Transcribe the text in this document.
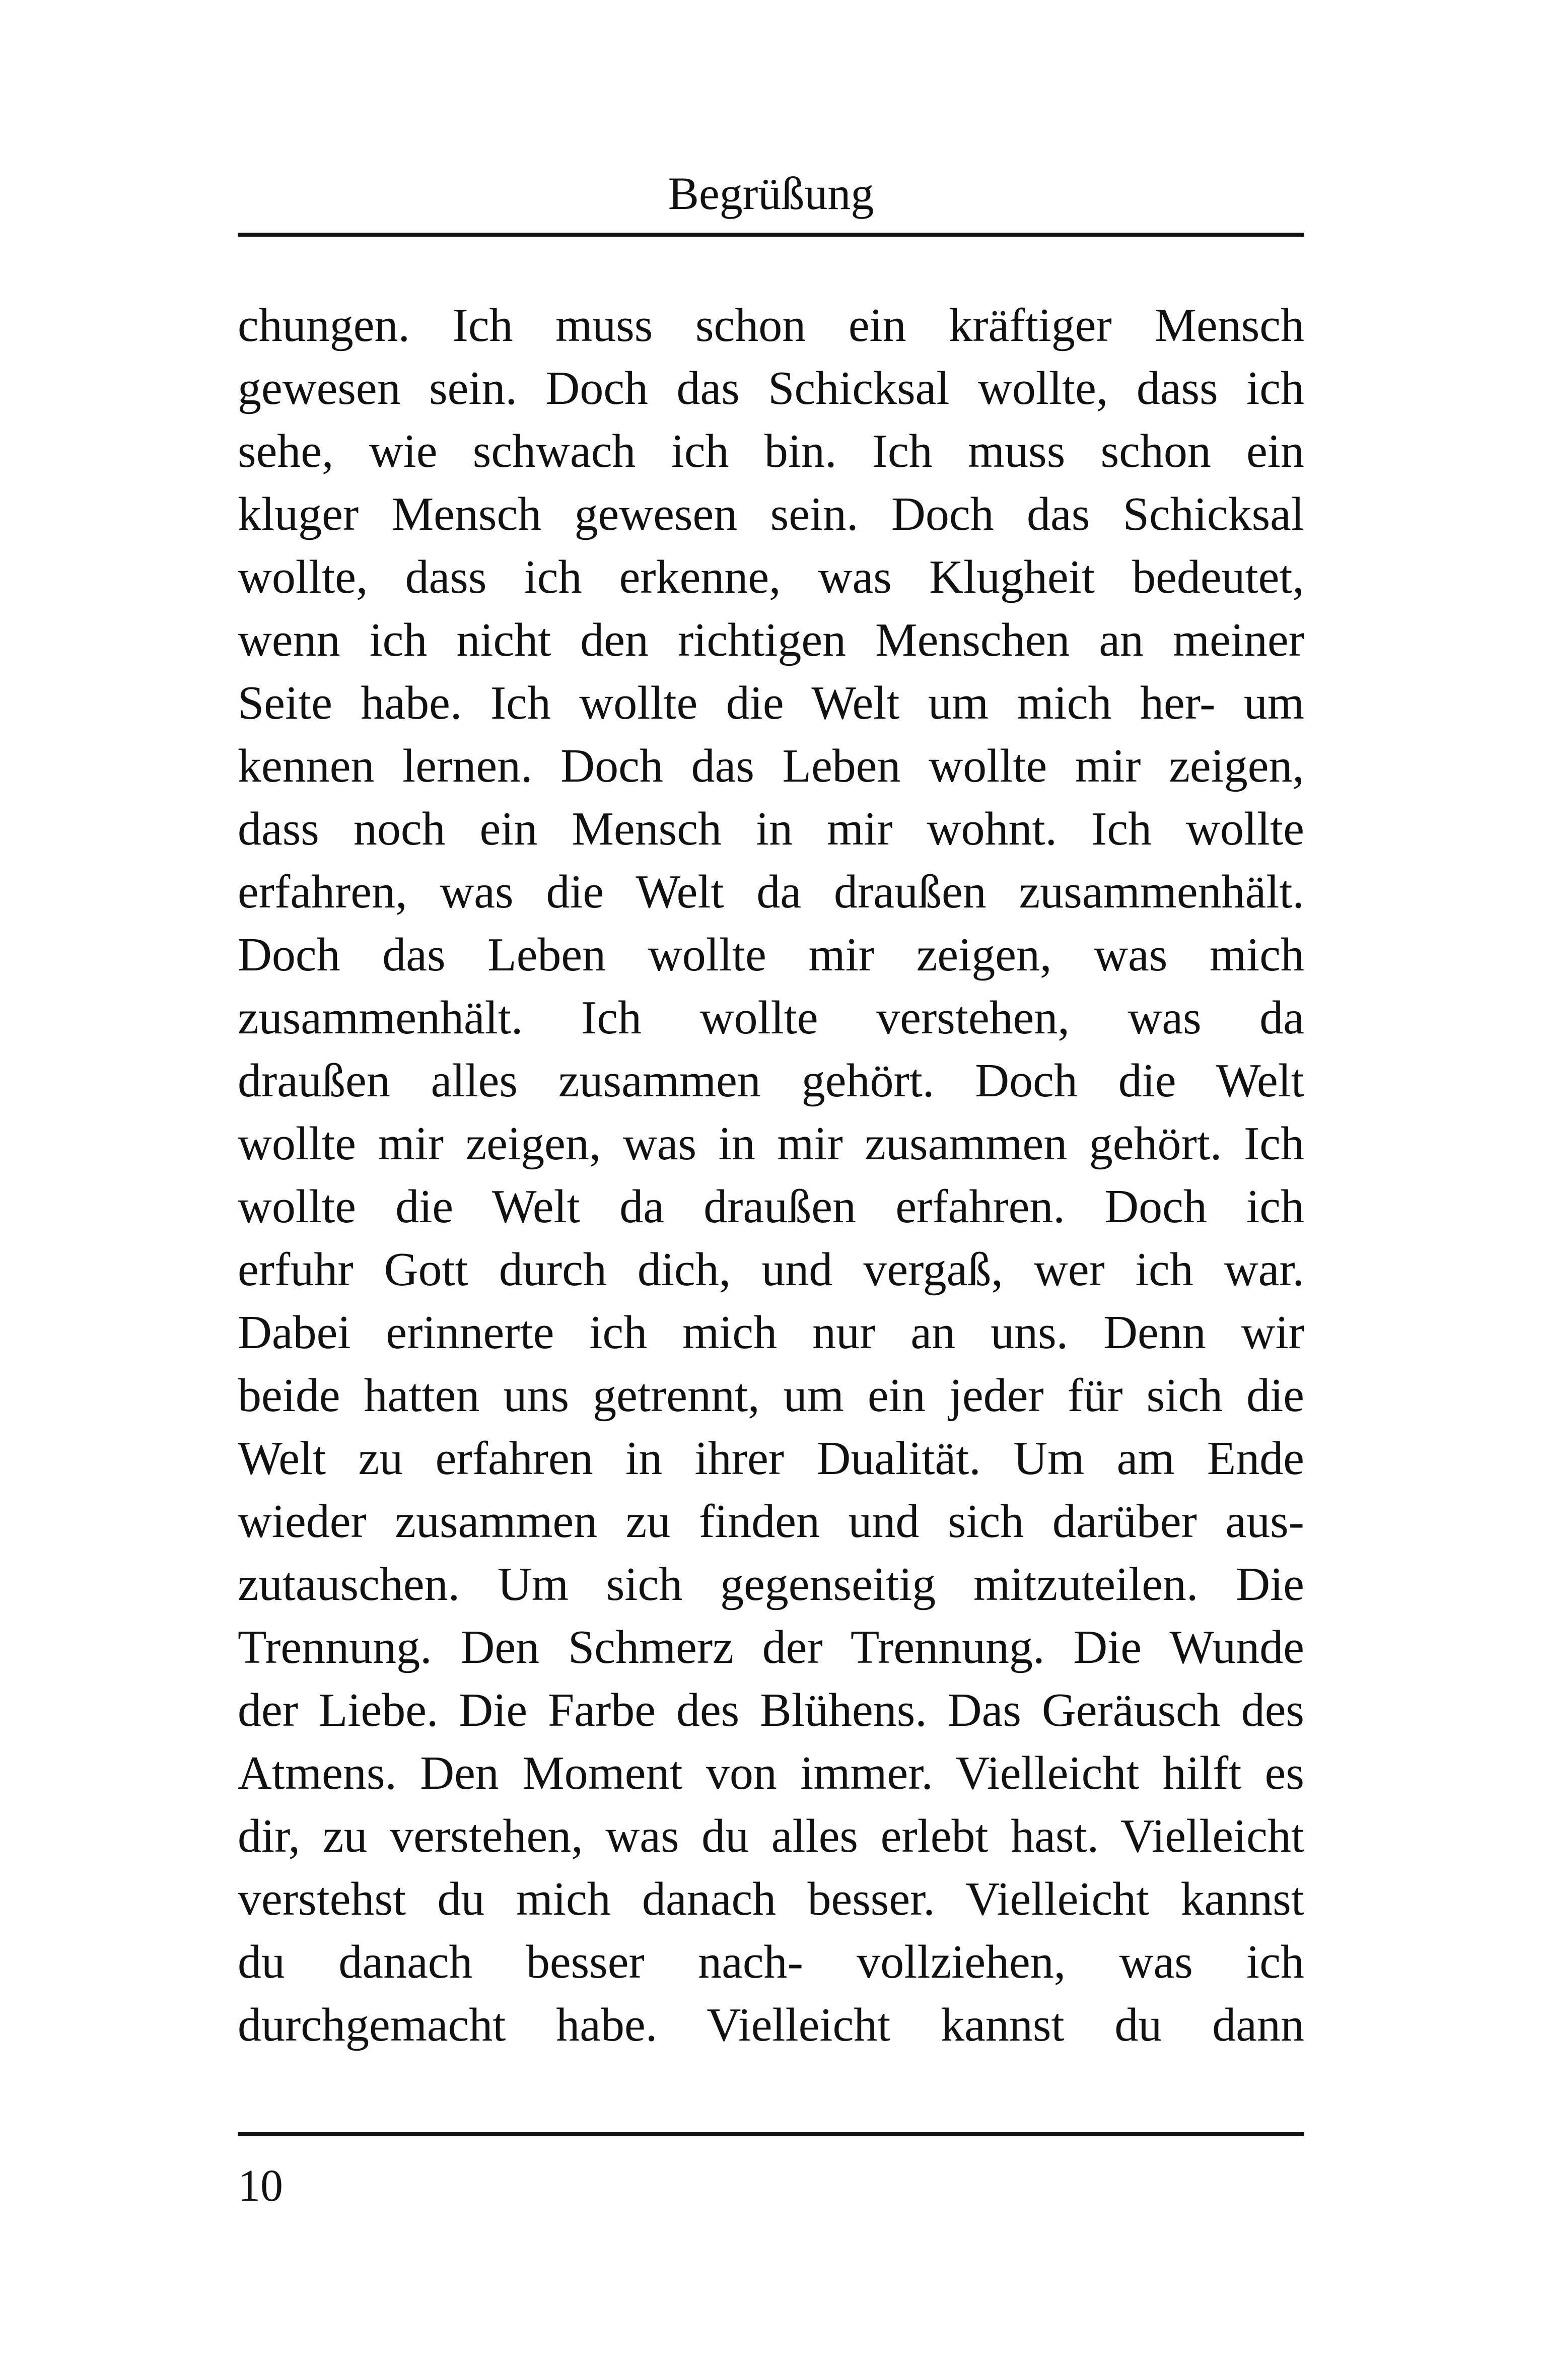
Begrüßung
chungen. Ich muss schon ein kräftiger Mensch
gewesen sein. Doch das Schicksal wollte, dass ich
sehe, wie schwach ich bin. Ich muss schon ein
kluger Mensch gewesen sein. Doch das Schicksal
wollte, dass ich erkenne, was Klugheit bedeutet,
wenn ich nicht den richtigen Menschen an meiner
Seite habe. Ich wollte die Welt um mich her- um
kennen lernen. Doch das Leben wollte mir zeigen,
dass noch ein Mensch in mir wohnt. Ich wollte
erfahren, was die Welt da draußen zusammenhält.
Doch das Leben wollte mir zeigen, was mich
zusammenhält. Ich wollte verstehen, was da
draußen alles zusammen gehört. Doch die Welt
wollte mir zeigen, was in mir zusammen gehört. Ich
wollte die Welt da draußen erfahren. Doch ich
erfuhr Gott durch dich, und vergaß, wer ich war.
Dabei erinnerte ich mich nur an uns. Denn wir
beide hatten uns getrennt, um ein jeder für sich die
Welt zu erfahren in ihrer Dualität. Um am Ende
wieder zusammen zu finden und sich darüber aus-
zutauschen. Um sich gegenseitig mitzuteilen. Die
Trennung. Den Schmerz der Trennung. Die Wunde
der Liebe. Die Farbe des Blühens. Das Geräusch des
Atmens. Den Moment von immer. Vielleicht hilft es
dir, zu verstehen, was du alles erlebt hast. Vielleicht
verstehst du mich danach besser. Vielleicht kannst
du danach besser nach- vollziehen, was ich
durchgemacht habe. Vielleicht kannst du dann
10
